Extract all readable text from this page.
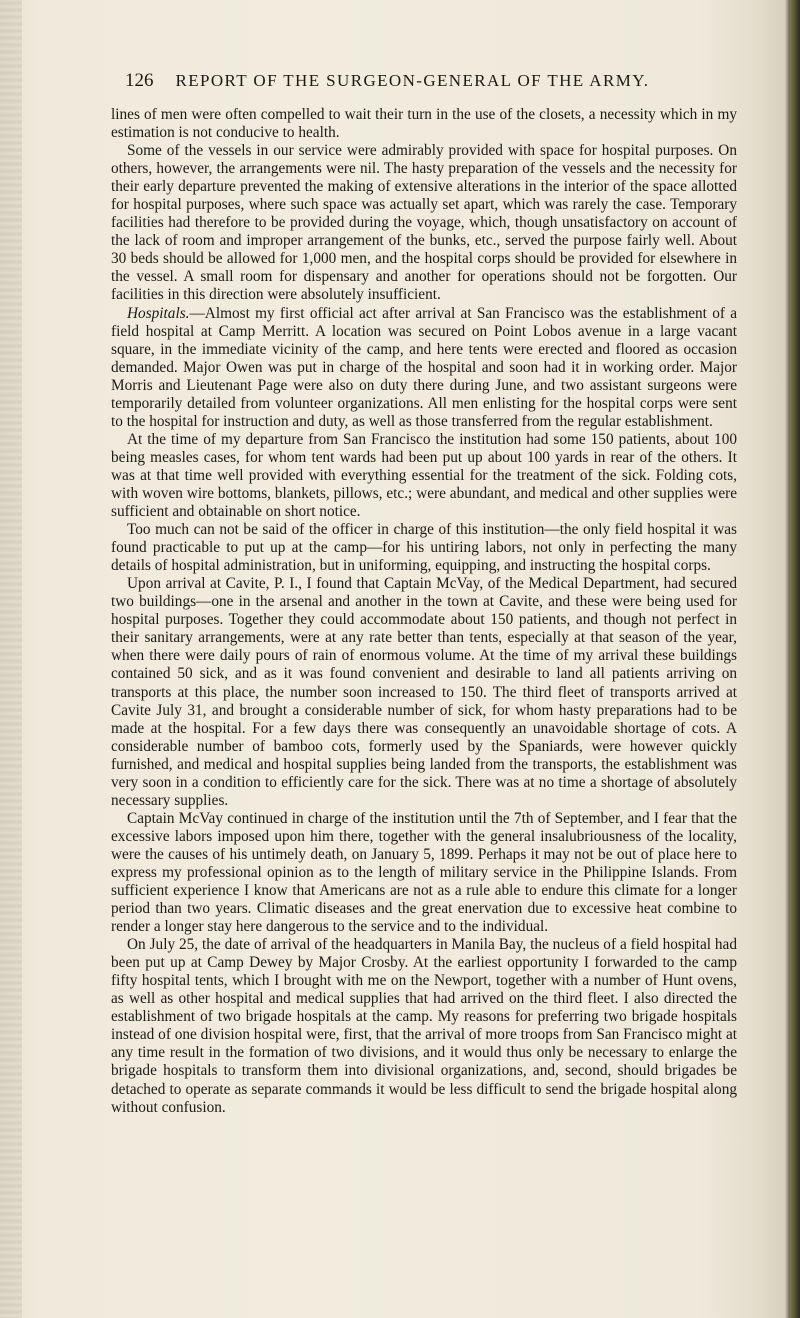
126 REPORT OF THE SURGEON-GENERAL OF THE ARMY.

lines of men were often compelled to wait their turn in the use of the closets, a necessity which in my estimation is not conducive to health.

Some of the vessels in our service were admirably provided with space for hospital purposes. On others, however, the arrangements were nil. The hasty preparation of the vessels and the necessity for their early departure prevented the making of extensive alterations in the interior of the space allotted for hospital purposes, where such space was actually set apart, which was rarely the case. Temporary facilities had therefore to be provided during the voyage, which, though unsatisfactory on account of the lack of room and improper arrangement of the bunks, etc., served the purpose fairly well. About 30 beds should be allowed for 1,000 men, and the hospital corps should be provided for elsewhere in the vessel. A small room for dispensary and another for operations should not be forgotten. Our facilities in this direction were absolutely insufficient.

Hospitals.—Almost my first official act after arrival at San Francisco was the establishment of a field hospital at Camp Merritt. A location was secured on Point Lobos avenue in a large vacant square, in the immediate vicinity of the camp, and here tents were erected and floored as occasion demanded. Major Owen was put in charge of the hospital and soon had it in working order. Major Morris and Lieutenant Page were also on duty there during June, and two assistant surgeons were temporarily detailed from volunteer organizations. All men enlisting for the hospital corps were sent to the hospital for instruction and duty, as well as those transferred from the regular establishment.

At the time of my departure from San Francisco the institution had some 150 patients, about 100 being measles cases, for whom tent wards had been put up about 100 yards in rear of the others. It was at that time well provided with everything essential for the treatment of the sick. Folding cots, with woven wire bottoms, blankets, pillows, etc.; were abundant, and medical and other supplies were sufficient and obtainable on short notice.

Too much can not be said of the officer in charge of this institution—the only field hospital it was found practicable to put up at the camp—for his untiring labors, not only in perfecting the many details of hospital administration, but in uniforming, equipping, and instructing the hospital corps.

Upon arrival at Cavite, P. I., I found that Captain McVay, of the Medical Department, had secured two buildings—one in the arsenal and another in the town at Cavite, and these were being used for hospital purposes. Together they could accommodate about 150 patients, and though not perfect in their sanitary arrangements, were at any rate better than tents, especially at that season of the year, when there were daily pours of rain of enormous volume. At the time of my arrival these buildings contained 50 sick, and as it was found convenient and desirable to land all patients arriving on transports at this place, the number soon increased to 150. The third fleet of transports arrived at Cavite July 31, and brought a considerable number of sick, for whom hasty preparations had to be made at the hospital. For a few days there was consequently an unavoidable shortage of cots. A considerable number of bamboo cots, formerly used by the Spaniards, were however quickly furnished, and medical and hospital supplies being landed from the transports, the establishment was very soon in a condition to efficiently care for the sick. There was at no time a shortage of absolutely necessary supplies.

Captain McVay continued in charge of the institution until the 7th of September, and I fear that the excessive labors imposed upon him there, together with the general insalubriousness of the locality, were the causes of his untimely death, on January 5, 1899. Perhaps it may not be out of place here to express my professional opinion as to the length of military service in the Philippine Islands. From sufficient experience I know that Americans are not as a rule able to endure this climate for a longer period than two years. Climatic diseases and the great enervation due to excessive heat combine to render a longer stay here dangerous to the service and to the individual.

On July 25, the date of arrival of the headquarters in Manila Bay, the nucleus of a field hospital had been put up at Camp Dewey by Major Crosby. At the earliest opportunity I forwarded to the camp fifty hospital tents, which I brought with me on the Newport, together with a number of Hunt ovens, as well as other hospital and medical supplies that had arrived on the third fleet. I also directed the establishment of two brigade hospitals at the camp. My reasons for preferring two brigade hospitals instead of one division hospital were, first, that the arrival of more troops from San Francisco might at any time result in the formation of two divisions, and it would thus only be necessary to enlarge the brigade hospitals to transform them into divisional organizations, and, second, should brigades be detached to operate as separate commands it would be less difficult to send the brigade hospital along without confusion.
